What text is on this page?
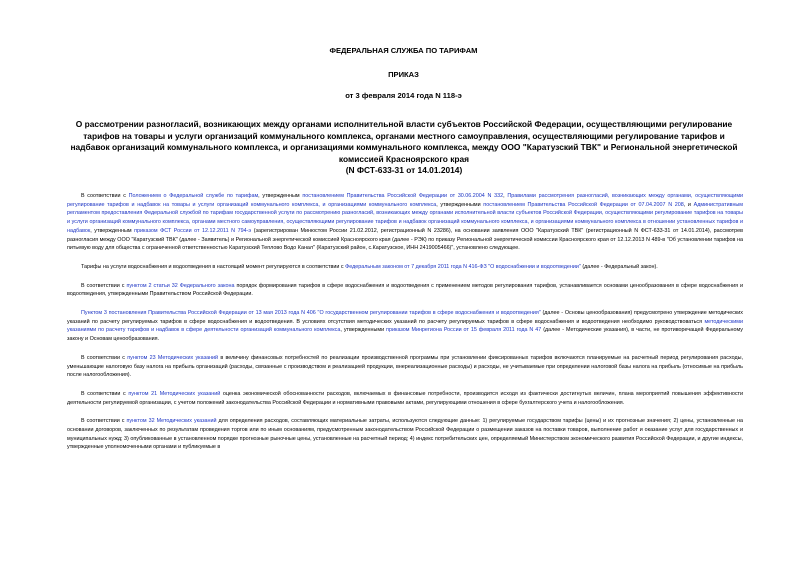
ФЕДЕРАЛЬНАЯ СЛУЖБА ПО ТАРИФАМ
ПРИКАЗ
от 3 февраля 2014 года N 118-э
О рассмотрении разногласий, возникающих между органами исполнительной власти субъектов Российской Федерации, осуществляющими регулирование тарифов на товары и услуги организаций коммунального комплекса, органами местного самоуправления, осуществляющими регулирование тарифов и надбавок организаций коммунального комплекса, и организациями коммунального комплекса, между ООО "Каратузский ТВК" и Региональной энергетической комиссией Красноярского края
(N ФСТ-633-31 от 14.01.2014)

В соответствии с Положением о Федеральной службе по тарифам, утвержденным постановлением Правительства Российской Федерации от 30.06.2004 N 332, Правилами рассмотрения разногласий, возникающих между органами, осуществляющими регулирование тарифов и надбавок на товары и услуги организаций коммунального комплекса, и организациями коммунального комплекса, утвержденными постановлением Правительства Российской Федерации от 07.04.2007 N 208, и Административным регламентом предоставления Федеральной службой по тарифам государственной услуги по рассмотрению разногласий, возникающих между органами исполнительной власти субъектов Российской Федерации, осуществляющими регулирование тарифов на товары и услуги организаций коммунального комплекса, органами местного самоуправления, осуществляющими регулирование тарифов и надбавок организаций коммунального комплекса, и организациями коммунального комплекса в отношении установленных тарифов и надбавок, утвержденным приказом ФСТ России от 12.12.2011 N 794-э (зарегистрирован Минюстом России 21.02.2012, регистрационный N 23286), на основании заявления ООО "Каратузский ТВК" (регистрационный N ФСТ-633-31 от 14.01.2014), рассмотрев разногласия между ООО "Каратузский ТВК" (далее - Заявитель) и Региональной энергетической комиссией Красноярского края (далее - РЭК) по приказу Региональной энергетической комиссии Красноярского края от 12.12.2013 N 489-в "Об установлении тарифов на питьевую воду для общества с ограниченной ответственностью Каратузский Теплово Водо Канал" (Каратузский район, с.Каратузское, ИНН 2419005466)", установлено следующее.

Тарифы на услуги водоснабжения и водоотведения в настоящий момент регулируются в соответствии с Федеральным законом от 7 декабря 2011 года N 416-ФЗ "О водоснабжении и водоотведении" (далее - Федеральный закон).

В соответствии с пунктом 2 статьи 32 Федерального закона порядок формирования тарифов в сфере водоснабжения и водоотведения с применением методов регулирования тарифов, устанавливается основами ценообразования в сфере водоснабжения и водоотведения, утвержденными Правительством Российской Федерации.

Пунктом 3 постановления Правительства Российской Федерации от 13 мая 2013 года N 406 "О государственном регулировании тарифов в сфере водоснабжения и водоотведения" (далее - Основы ценообразования) предусмотрено утверждение методических указаний по расчету регулируемых тарифов в сфере водоснабжения и водоотведения. В условиях отсутствия методических указаний по расчету регулируемых тарифов в сфере водоснабжения и водоотведения необходимо руководствоваться методическими указаниями по расчету тарифов и надбавок в сфере деятельности организаций коммунального комплекса, утвержденными приказом Минрегиона России от 15 февраля 2011 года N 47 (далее - Методические указания), в части, не противоречащей Федеральному закону и Основам ценообразования.

В соответствии с пунктом 23 Методических указаний в величину финансовых потребностей по реализации производственной программы при установлении фиксированных тарифов включаются планируемые на расчетный период регулирования расходы, уменьшающие налоговую базу налога на прибыль организаций (расходы, связанные с производством и реализацией продукции, внереализационные расходы) и расходы, не учитываемые при определении налоговой базы налога на прибыль (относимые на прибыль после налогообложения).

В соответствии с пунктом 21 Методических указаний оценка экономической обоснованности расходов, включаемых в финансовые потребности, производится исходя из фактически достигнутых величин, плана мероприятий повышения эффективности деятельности регулируемой организации, с учетом положений законодательства Российской Федерации и нормативными правовыми актами, регулирующими отношения в сфере бухгалтерского учета и налогообложения.

В соответствии с пунктом 32 Методических указаний для определения расходов, составляющих материальные затраты, используются следующие данные: 1) регулируемые государством тарифы (цены) и их прогнозные значения; 2) цены, установленные на основании договоров, заключенных по результатам проведения торгов или по иным основаниям, предусмотренным законодательством Российской Федерации о размещении заказов на поставки товаров, выполнение работ и оказание услуг для государственных и муниципальных нужд; 3) опубликованные в установленном порядке прогнозные рыночные цены, установленные на расчетный период; 4) индекс потребительских цен, определяемый Министерством экономического развития Российской Федерации, и другие индексы, утвержденные уполномоченными органами и публикуемые в
